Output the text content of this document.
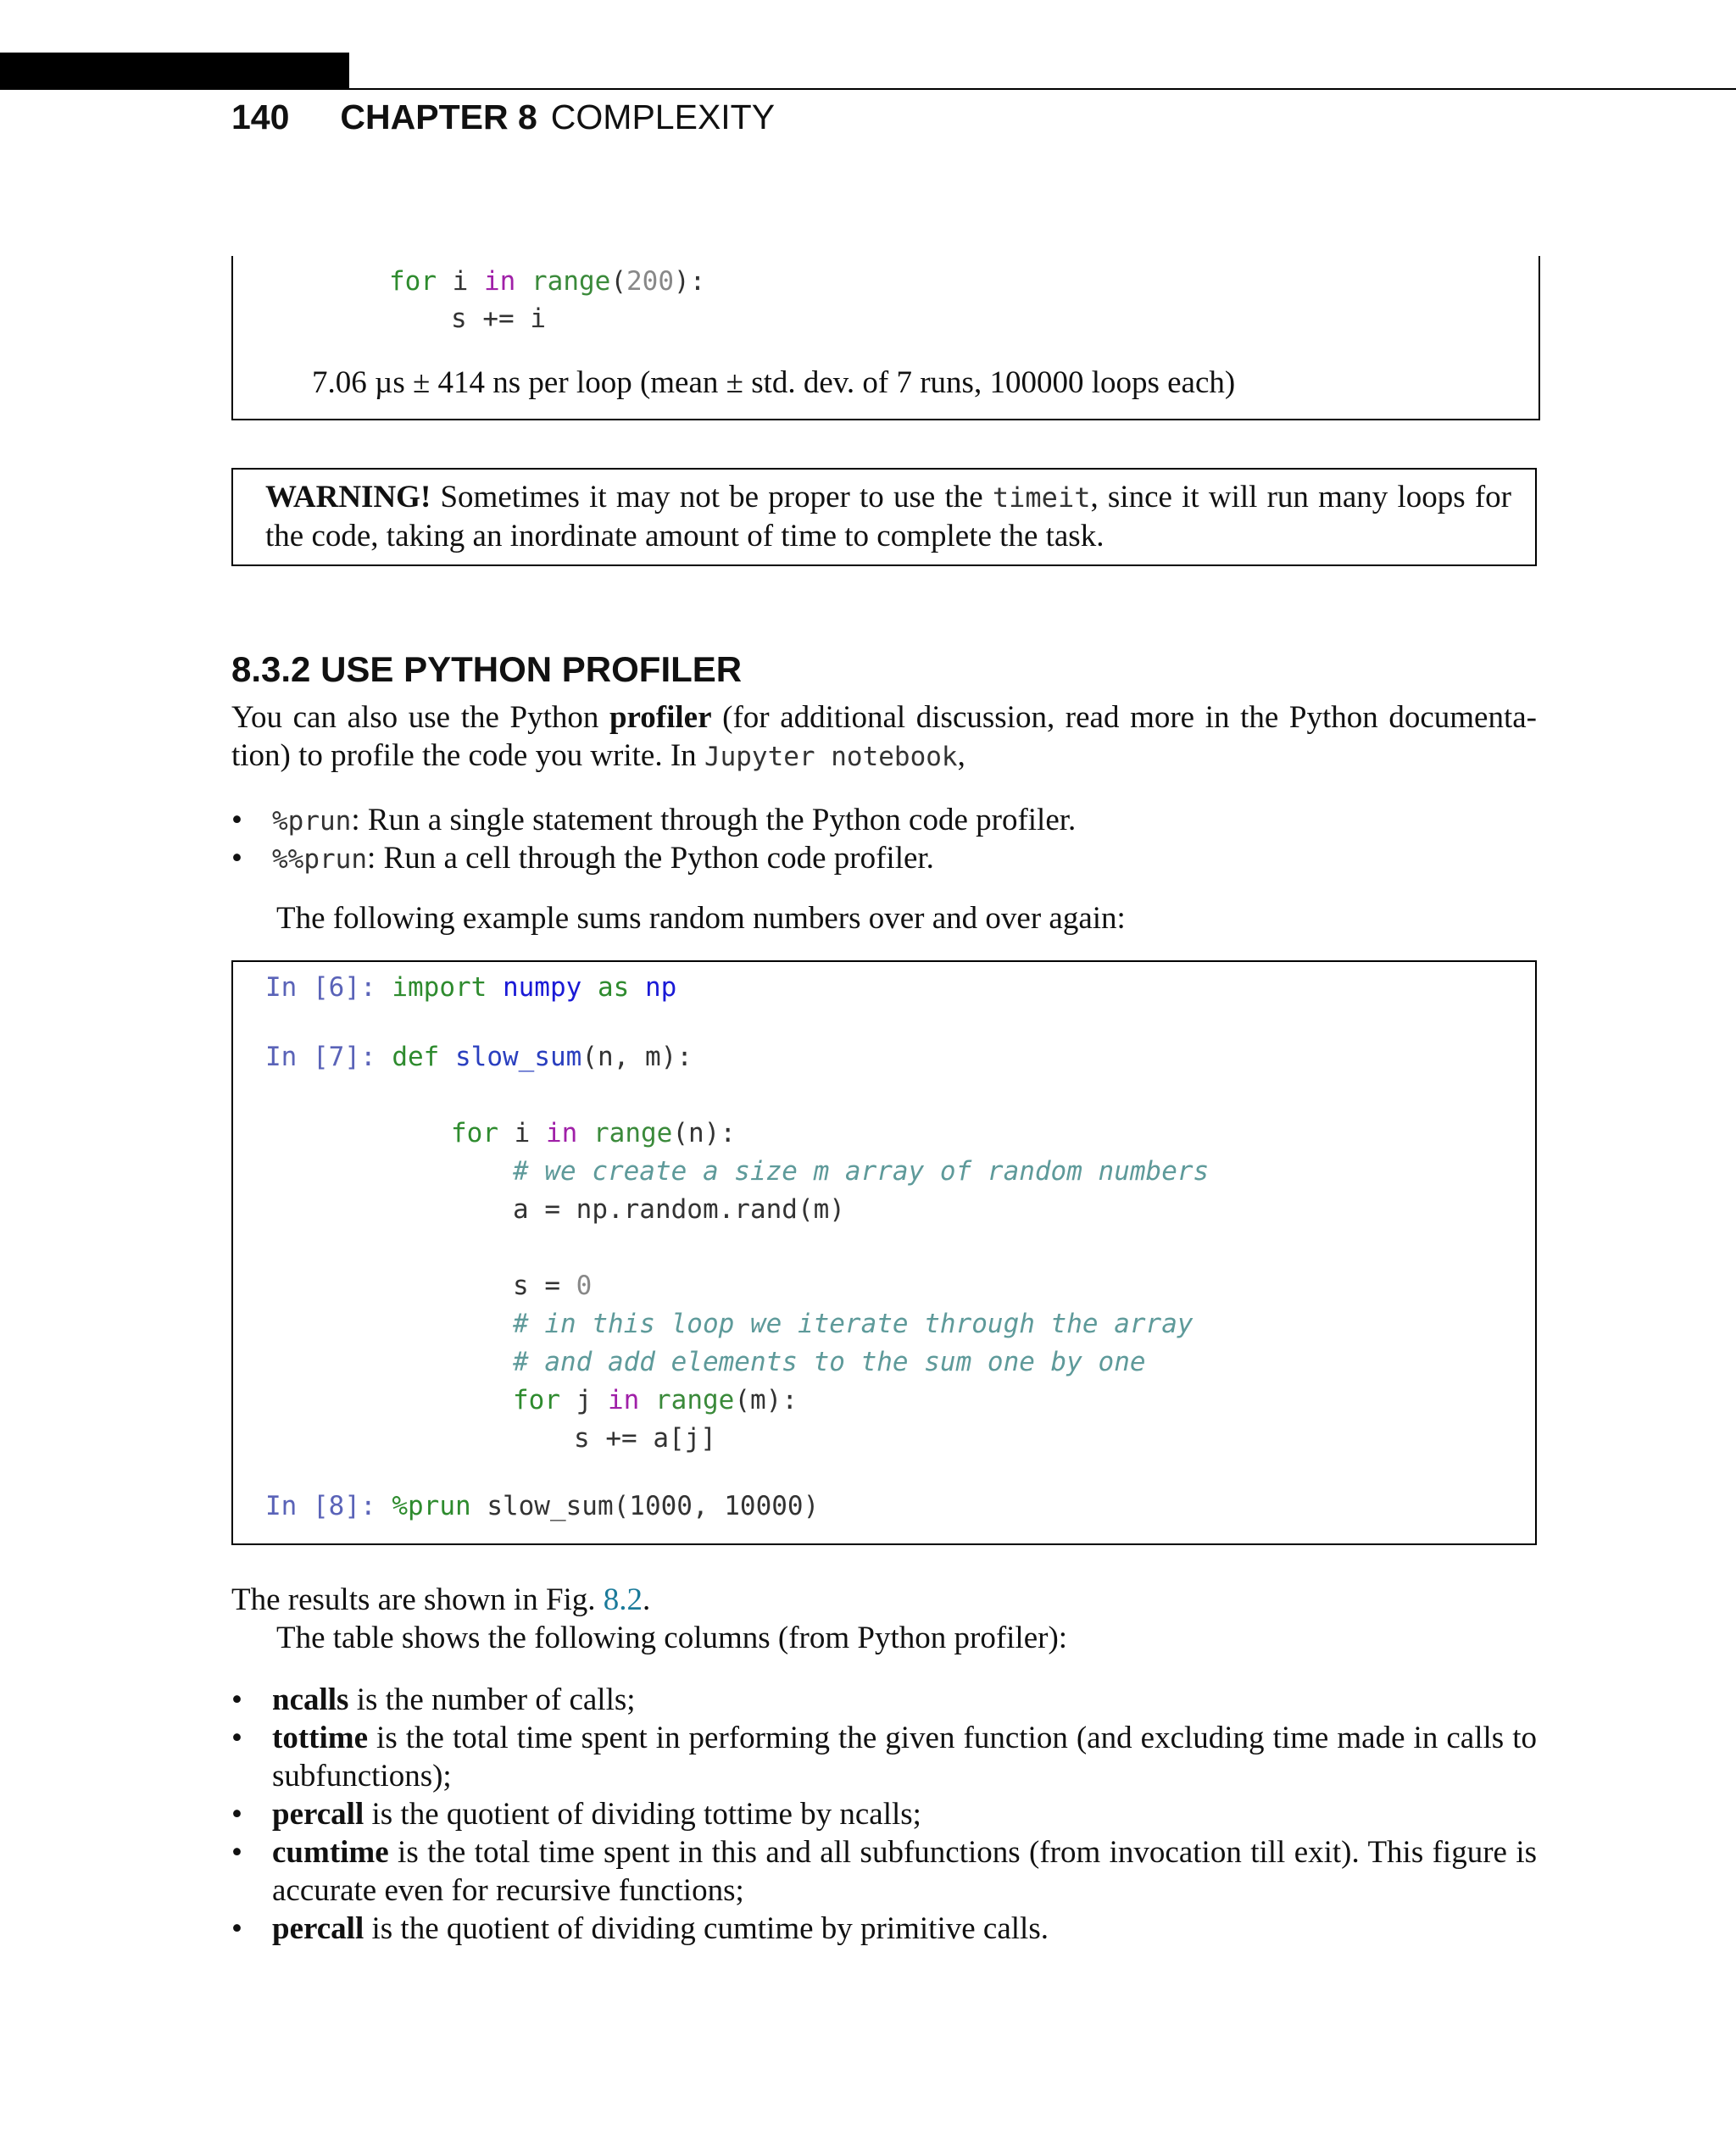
140 CHAPTER 8 COMPLEXITY
for i in range(200):
s += i
7.06 µs ± 414 ns per loop (mean ± std. dev. of 7 runs, 100000 loops each)

WARNING! Sometimes it may not be proper to use the timeit, since it will run many loops for the code, taking an inordinate amount of time to complete the task.

8.3.2 USE PYTHON PROFILER
You can also use the Python profiler (for additional discussion, read more in the Python documenta- tion) to profile the code you write. In Jupyter notebook,
•	%prun: Run a single statement through the Python code profiler.
•	%%prun: Run a cell through the Python code profiler.
The following example sums random numbers over and over again:
In [6]: import numpy as np
In [7]: def slow_sum(n, m):
for i in range(n):
# we create a size m array of random numbers
a = np.random.rand(m)
s = 0
# in this loop we iterate through the array
# and add elements to the sum one by one
for j in range(m):
s += a[j]
In [8]: %prun slow_sum(1000, 10000)
The results are shown in Fig. 8.2.
The table shows the following columns (from Python profiler):
• ncalls is the number of calls;
• tottime is the total time spent in performing the given function (and excluding time made in calls to subfunctions);
• percall is the quotient of dividing tottime by ncalls;
• cumtime is the total time spent in this and all subfunctions (from invocation till exit). This figure is accurate even for recursive functions;
• percall is the quotient of dividing cumtime by primitive calls.
